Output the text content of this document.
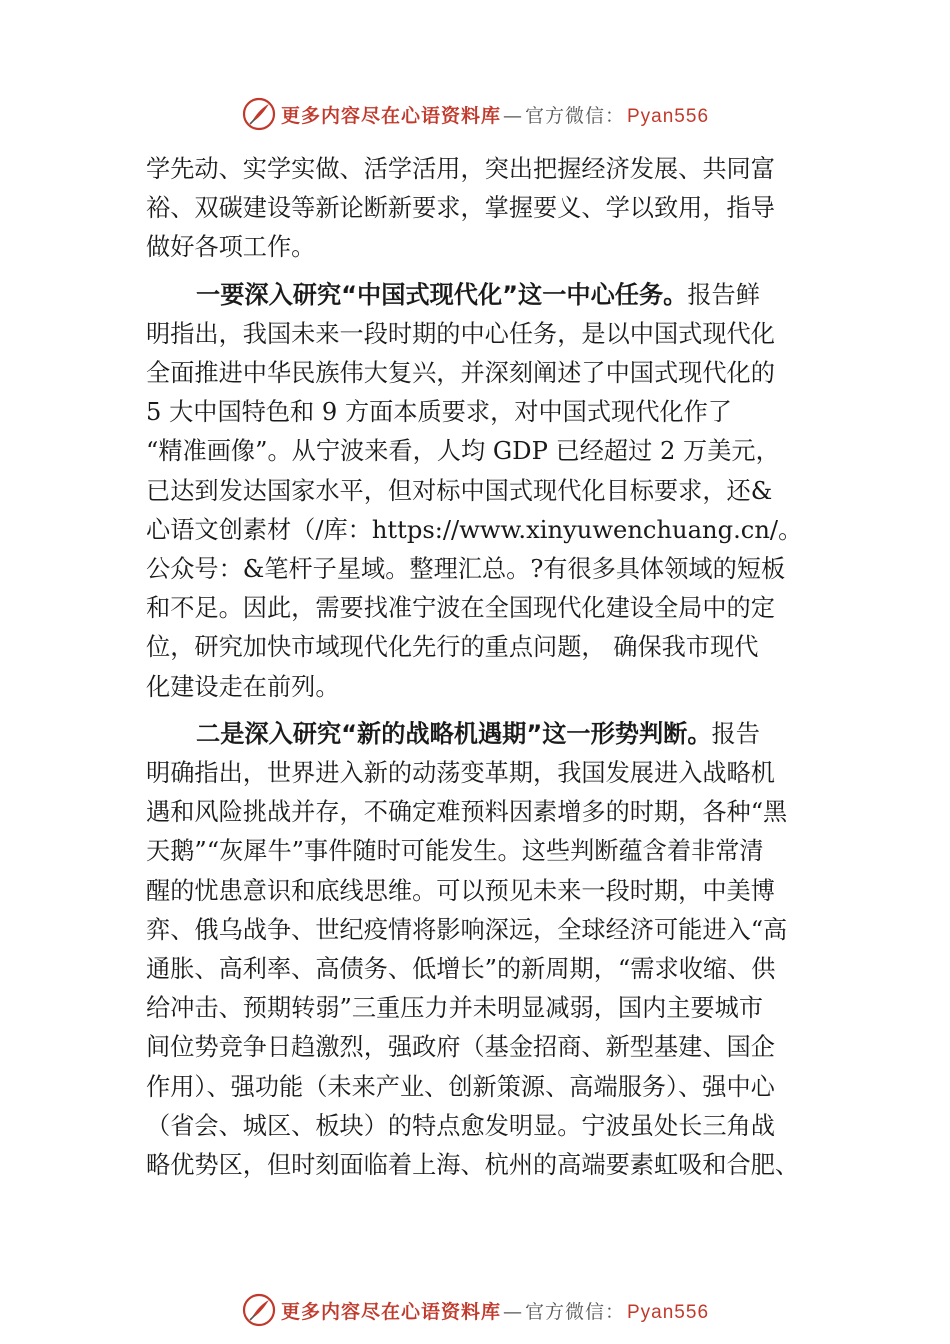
更多内容尽在心语资料库 — 官方微信： Pyan556

学先动、实学实做、活学活用，突出把握经济发展、共同富
裕、双碳建设等新论断新要求，掌握要义、学以致用，指导
做好各项工作。

一要深入研究“中国式现代化”这一中心任务。报告鲜
明指出，我国未来一段时期的中心任务，是以中国式现代化
全面推进中华民族伟大复兴，并深刻阐述了中国式现代化的
5 大中国特色和 9 方面本质要求，对中国式现代化作了
“精准画像”。从宁波来看，人均 GDP 已经超过 2 万美元，
已达到发达国家水平，但对标中国式现代化目标要求，还&
心语文创素材（/库：https://www.xinyuwenchuang.cn/。
公众号：&笔杆子星域。整理汇总。?有很多具体领域的短板
和不足。因此，需要找准宁波在全国现代化建设全局中的定
位，研究加快市域现代化先行的重点问题， 确保我市现代
化建设走在前列。

二是深入研究“新的战略机遇期”这一形势判断。报告
明确指出，世界进入新的动荡变革期，我国发展进入战略机
遇和风险挑战并存，不确定难预料因素增多的时期，各种“黑
天鹅”“灰犀牛”事件随时可能发生。这些判断蕴含着非常清
醒的忧患意识和底线思维。可以预见未来一段时期，中美博
弈、俄乌战争、世纪疫情将影响深远，全球经济可能进入“高
通胀、高利率、高债务、低增长”的新周期，“需求收缩、供
给冲击、预期转弱”三重压力并未明显减弱，国内主要城市
间位势竞争日趋激烈，强政府（基金招商、新型基建、国企
作用）、强功能（未来产业、创新策源、高端服务）、强中心
（省会、城区、板块）的特点愈发明显。宁波虽处长三角战
略优势区，但时刻面临着上海、杭州的高端要素虹吸和合肥、

更多内容尽在心语资料库 — 官方微信： Pyan556
